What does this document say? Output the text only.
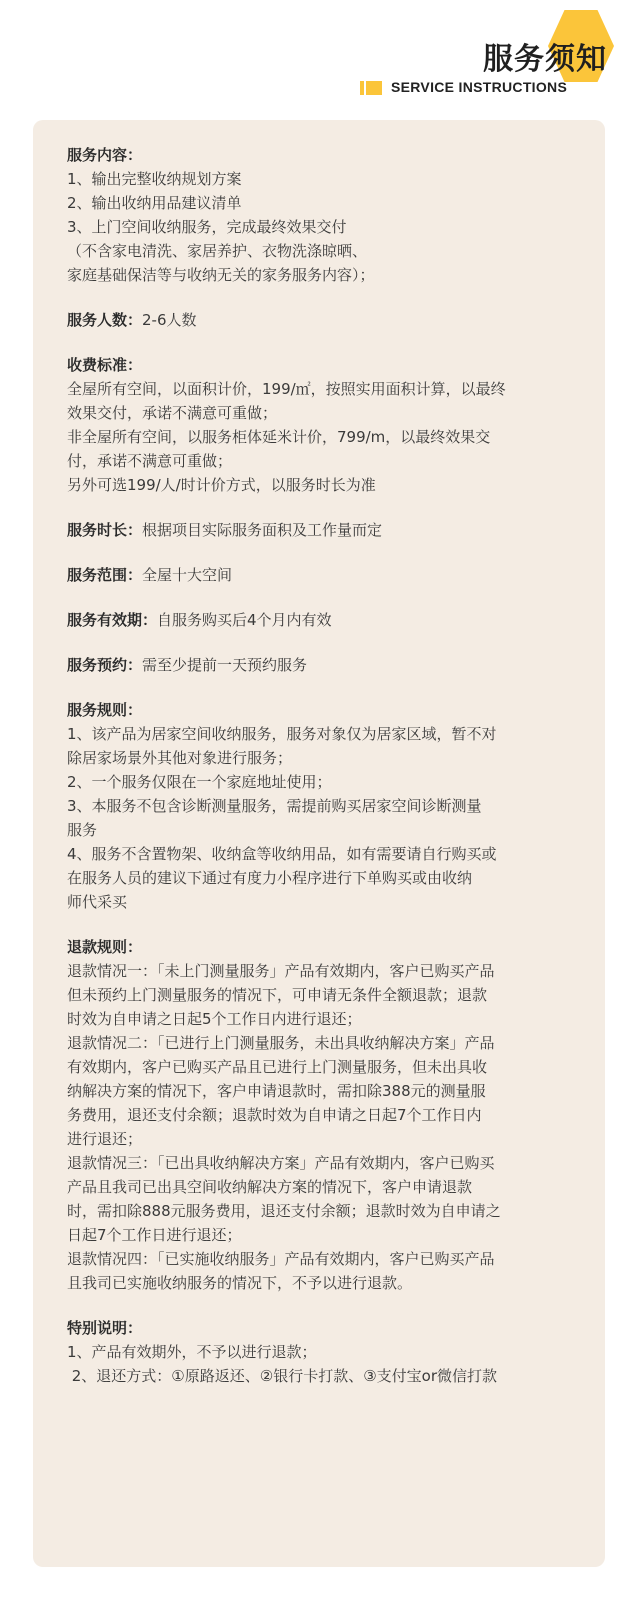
服务须知
SERVICE INSTRUCTIONS
服务内容：
1、输出完整收纳规划方案
2、输出收纳用品建议清单
3、上门空间收纳服务，完成最终效果交付
（不含家电清洗、家居养护、衣物洗涤晾晒、
家庭基础保洁等与收纳无关的家务服务内容）；
服务人数：2-6人数
收费标准：
全屋所有空间，以面积计价，199/㎡，按照实用面积计算，以最终
效果交付，承诺不满意可重做；
非全屋所有空间，以服务柜体延米计价，799/m，以最终效果交
付，承诺不满意可重做；
另外可选199/人/时计价方式，以服务时长为准
服务时长：根据项目实际服务面积及工作量而定
服务范围：全屋十大空间
服务有效期：自服务购买后4个月内有效
服务预约：需至少提前一天预约服务
服务规则：
1、该产品为居家空间收纳服务，服务对象仅为居家区域，暂不对
除居家场景外其他对象进行服务；
2、一个服务仅限在一个家庭地址使用；
3、本服务不包含诊断测量服务，需提前购买居家空间诊断测量
服务
4、服务不含置物架、收纳盒等收纳用品，如有需要请自行购买或
在服务人员的建议下通过有度力小程序进行下单购买或由收纳
师代采买
退款规则：
退款情况一：「未上门测量服务」产品有效期内，客户已购买产品
但未预约上门测量服务的情况下，可申请无条件全额退款；退款
时效为自申请之日起5个工作日内进行退还；
退款情况二：「已进行上门测量服务，未出具收纳解决方案」产品
有效期内，客户已购买产品且已进行上门测量服务，但未出具收
纳解决方案的情况下，客户申请退款时，需扣除388元的测量服
务费用，退还支付余额；退款时效为自申请之日起7个工作日内
进行退还；
退款情况三：「已出具收纳解决方案」产品有效期内，客户已购买
产品且我司已出具空间收纳解决方案的情况下，客户申请退款
时，需扣除888元服务费用，退还支付余额；退款时效为自申请之
日起7个工作日进行退还；
退款情况四：「已实施收纳服务」产品有效期内，客户已购买产品
且我司已实施收纳服务的情况下，不予以进行退款。
特别说明：
1、产品有效期外，不予以进行退款；
2、退还方式：①原路返还、②银行卡打款、③支付宝or微信打款
